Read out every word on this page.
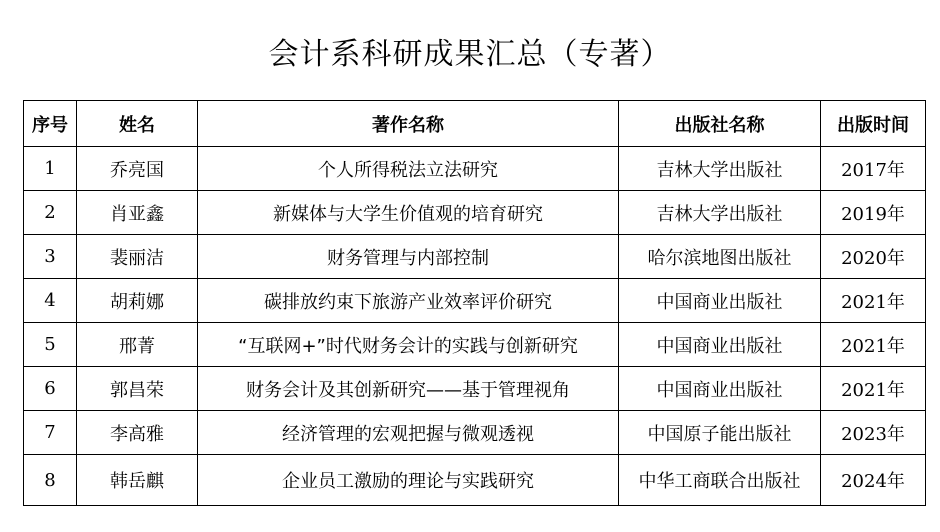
会计系科研成果汇总（专著）
序号	姓名	著作名称	出版社名称	出版时间
1	乔亮国	个人所得税法立法研究	吉林大学出版社	2017年
2	肖亚鑫	新媒体与大学生价值观的培育研究	吉林大学出版社	2019年
3	裴丽洁	财务管理与内部控制	哈尔滨地图出版社	2020年
4	胡莉娜	碳排放约束下旅游产业效率评价研究	中国商业出版社	2021年
5	邢菁	“互联网+”时代财务会计的实践与创新研究	中国商业出版社	2021年
6	郭昌荣	财务会计及其创新研究——基于管理视角	中国商业出版社	2021年
7	李高雅	经济管理的宏观把握与微观透视	中国原子能出版社	2023年
8	韩岳麒	企业员工激励的理论与实践研究	中华工商联合出版社	2024年
